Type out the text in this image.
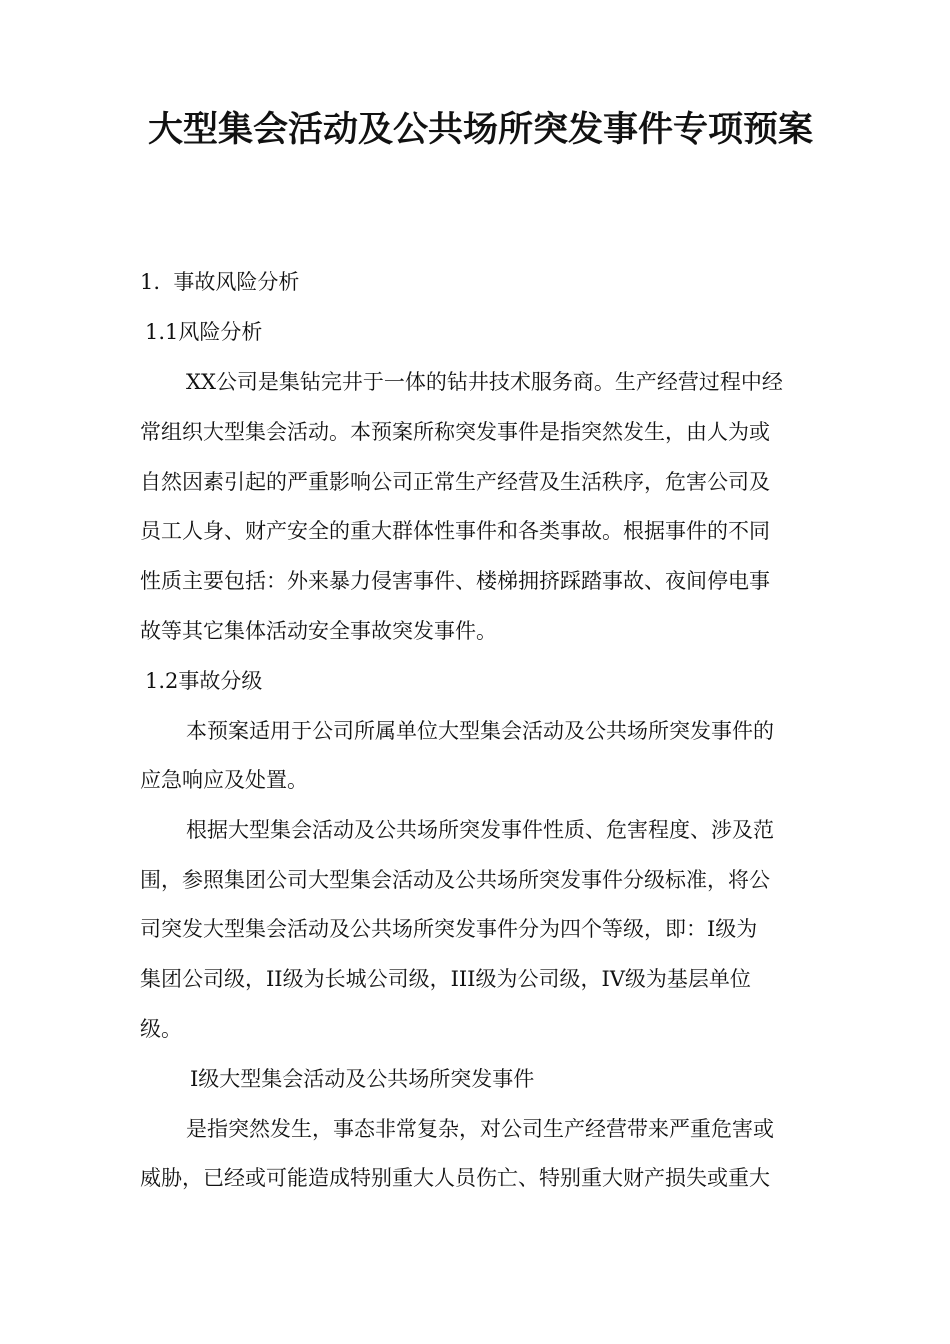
大型集会活动及公共场所突发事件专项预案
1.  事故风险分析
1.1风险分析
XX公司是集钻完井于一体的钻井技术服务商。生产经营过程中经
常组织大型集会活动。本预案所称突发事件是指突然发生，由人为或
自然因素引起的严重影响公司正常生产经营及生活秩序，危害公司及
员工人身、财产安全的重大群体性事件和各类事故。根据事件的不同
性质主要包括：外来暴力侵害事件、楼梯拥挤踩踏事故、夜间停电事
故等其它集体活动安全事故突发事件。
1.2事故分级
本预案适用于公司所属单位大型集会活动及公共场所突发事件的
应急响应及处置。
根据大型集会活动及公共场所突发事件性质、危害程度、涉及范
围，参照集团公司大型集会活动及公共场所突发事件分级标准，将公
司突发大型集会活动及公共场所突发事件分为四个等级，即：I级为
集团公司级，II级为长城公司级，III级为公司级，IV级为基层单位
级。
I级大型集会活动及公共场所突发事件
是指突然发生，事态非常复杂，对公司生产经营带来严重危害或
威胁，已经或可能造成特别重大人员伤亡、特别重大财产损失或重大
